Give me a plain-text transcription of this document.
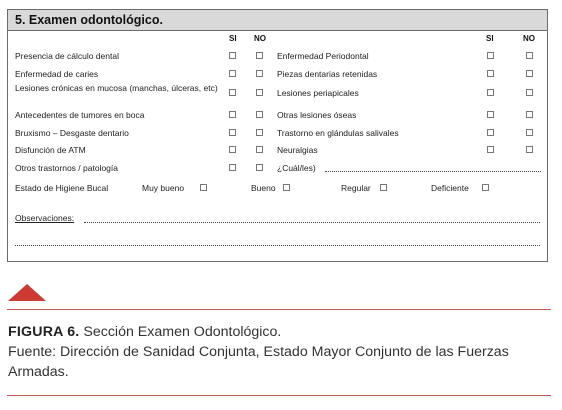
5. Examen odontológico.
SI NO	SI	NO
Presencia de cálculo dental	Enfermedad Periodontal
Enfermedad de caries	Piezas dentarias retenidas
Lesiones crónicas en mucosa (manchas, úlceras, etc)	Lesiones periapicales
Antecedentes de tumores en boca	Otras lesiones óseas
Bruxismo – Desgaste dentario	Trastorno en glándulas salivales
Disfunción de ATM	Neuralgias
Otros trastornos / patología	¿Cuál/les)
Estado de Higiene Bucal	Muy bueno	Bueno	Regular	Deficiente
Observaciones:
FIGURA 6. Sección Examen Odontológico.
Fuente: Dirección de Sanidad Conjunta, Estado Mayor Conjunto de las Fuerzas Armadas.
